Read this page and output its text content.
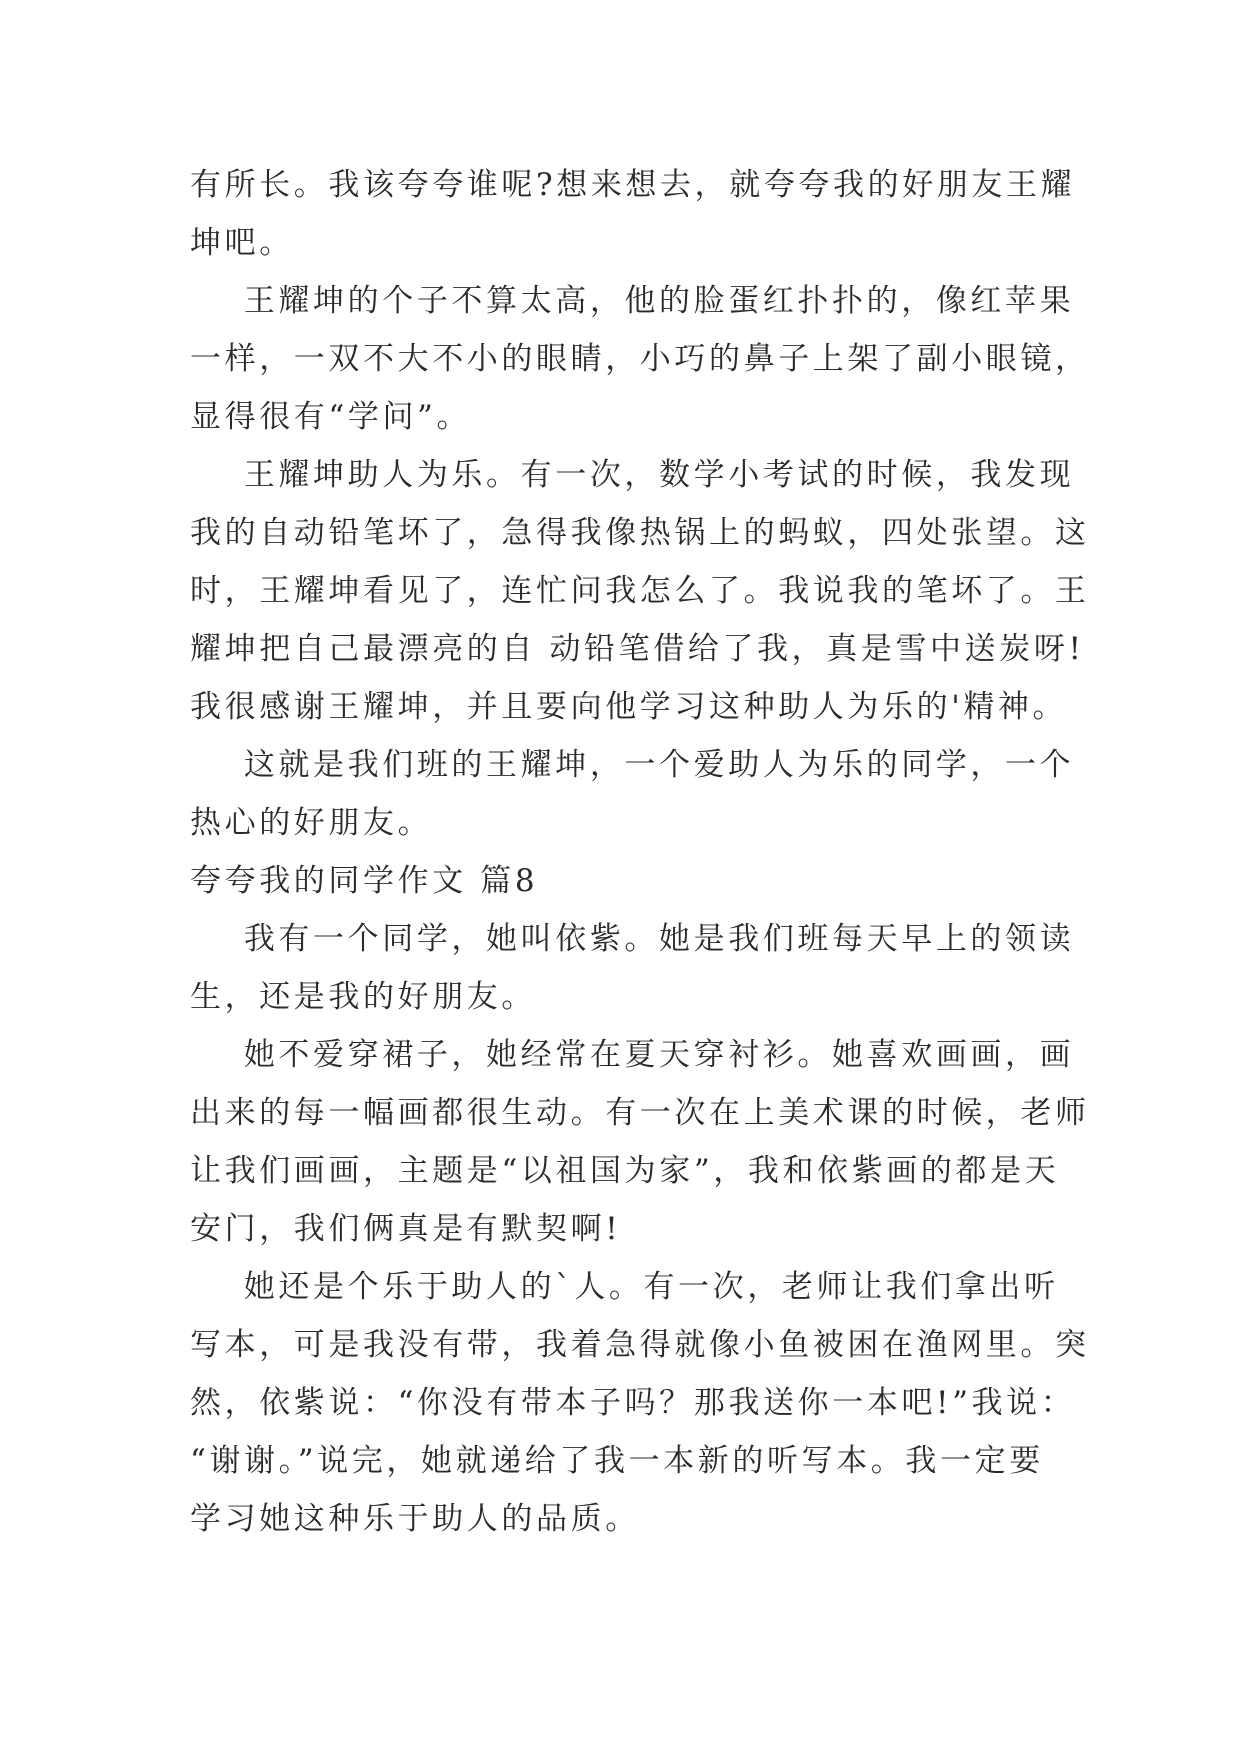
有所长。我该夸夸谁呢?想来想去，就夸夸我的好朋友王耀
坤吧。
王耀坤的个子不算太高，他的脸蛋红扑扑的，像红苹果
一样，一双不大不小的眼睛，小巧的鼻子上架了副小眼镜，
显得很有“学问”。
王耀坤助人为乐。有一次，数学小考试的时候，我发现
我的自动铅笔坏了，急得我像热锅上的蚂蚁，四处张望。这
时，王耀坤看见了，连忙问我怎么了。我说我的笔坏了。王
耀坤把自己最漂亮的自 动铅笔借给了我，真是雪中送炭呀!
我很感谢王耀坤，并且要向他学习这种助人为乐的'精神。
这就是我们班的王耀坤，一个爱助人为乐的同学，一个
热心的好朋友。
夸夸我的同学作文 篇8
我有一个同学，她叫依紫。她是我们班每天早上的领读
生，还是我的好朋友。
她不爱穿裙子，她经常在夏天穿衬衫。她喜欢画画，画
出来的每一幅画都很生动。有一次在上美术课的时候，老师
让我们画画，主题是“以祖国为家”，我和依紫画的都是天
安门，我们俩真是有默契啊!
她还是个乐于助人的`人。有一次，老师让我们拿出听
写本，可是我没有带，我着急得就像小鱼被困在渔网里。突
然，依紫说：“你没有带本子吗？那我送你一本吧!”我说：
“谢谢。”说完，她就递给了我一本新的听写本。我一定要
学习她这种乐于助人的品质。
